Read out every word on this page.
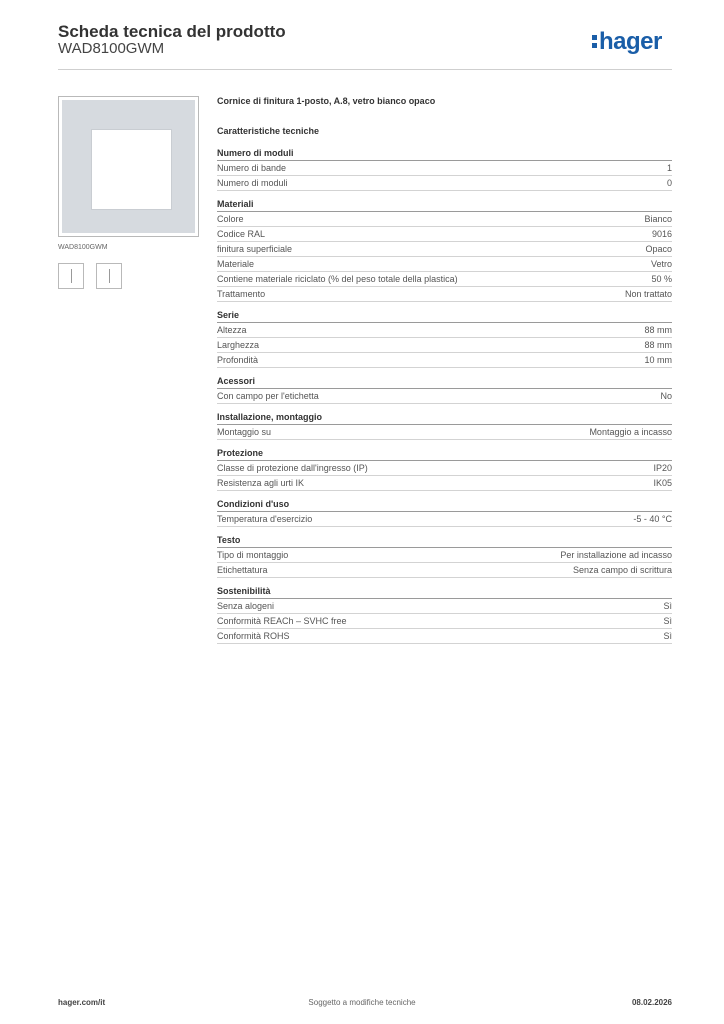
Scheda tecnica del prodotto
WAD8100GWM	hager
WAD8100GWM
Cornice di finitura 1-posto, A.8, vetro bianco opaco
Caratteristiche tecniche
Numero di moduli
Numero di bande	1
Numero di moduli	0
Materiali
Colore	Bianco
Codice RAL	9016
finitura superficiale	Opaco
Materiale	Vetro
Contiene materiale riciclato (% del peso totale della plastica)	50 %
Trattamento	Non trattato
Serie
Altezza	88 mm
Larghezza	88 mm
Profondità	10 mm
Acessori
Con campo per l'etichetta	No
Installazione, montaggio
Montaggio su	Montaggio a incasso
Protezione
Classe di protezione dall'ingresso (IP)	IP20
Resistenza agli urti IK	IK05
Condizioni d'uso
Temperatura d'esercizio	-5 - 40 °C
Testo
Tipo di montaggio	Per installazione ad incasso
Etichettatura	Senza campo di scrittura
Sostenibilità
Senza alogeni	Sì
Conformità REACh – SVHC free	Sì
Conformità ROHS	Sì
hager.com/it	Soggetto a modifiche tecniche	08.02.2026
